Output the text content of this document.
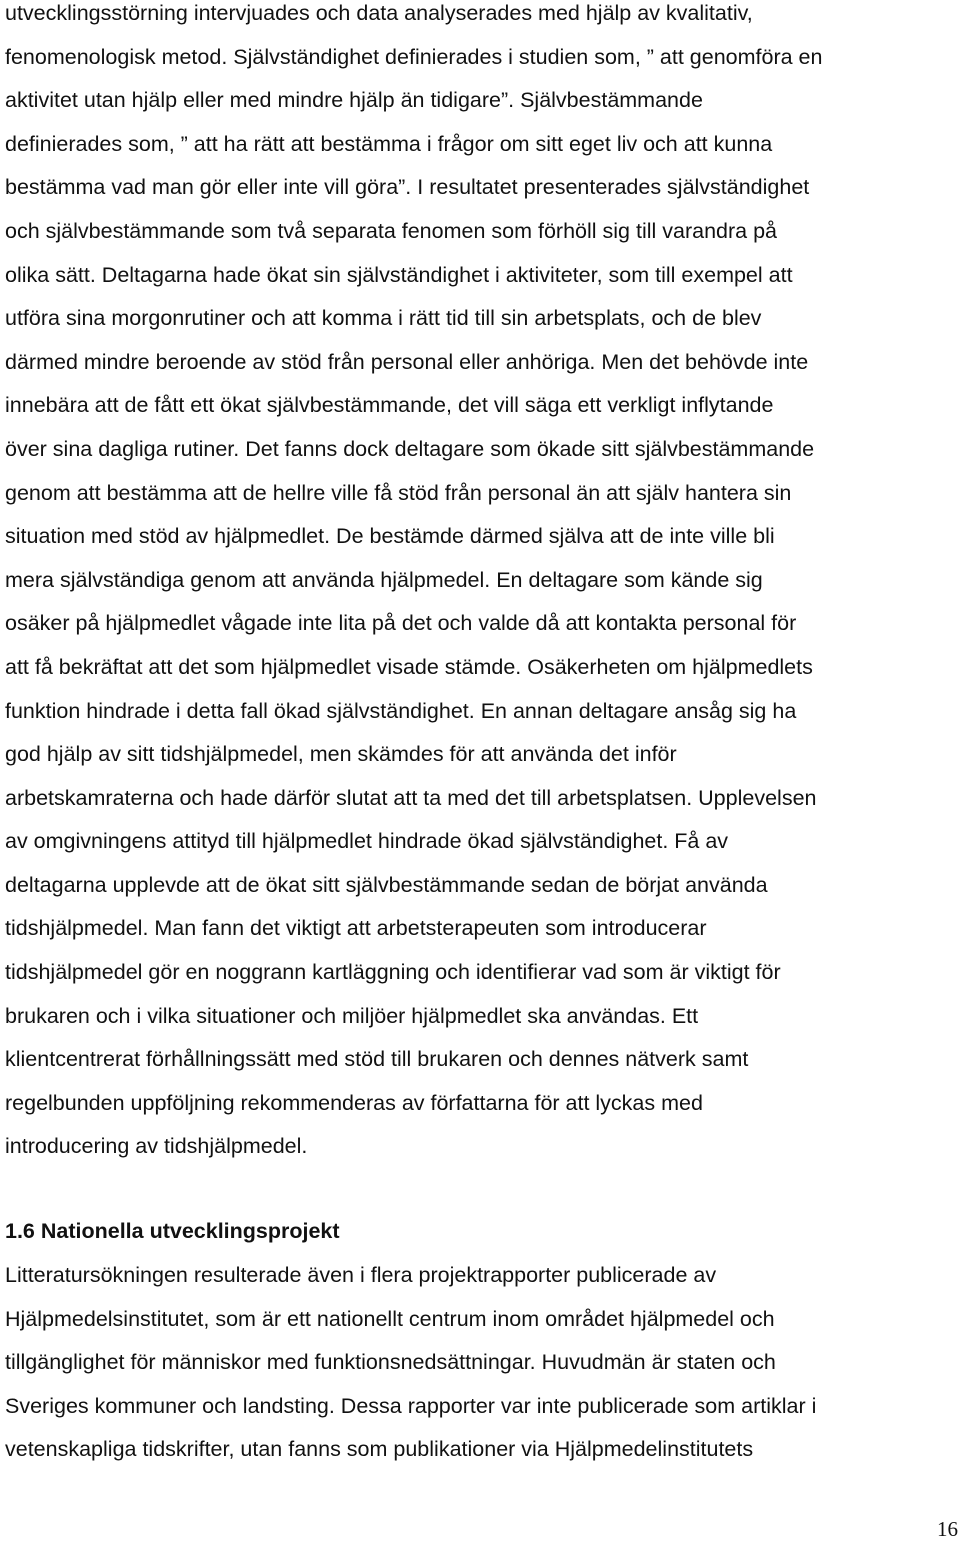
utvecklingsstörning intervjuades och data analyserades med hjälp av kvalitativ,
fenomenologisk metod. Självständighet definierades i studien som, ” att genomföra en
aktivitet utan hjälp eller med mindre hjälp än tidigare”. Självbestämmande
definierades som, ” att ha rätt att bestämma i frågor om sitt eget liv och att kunna
bestämma vad man gör eller inte vill göra”. I resultatet presenterades självständighet
och självbestämmande som två separata fenomen som förhöll sig till varandra på
olika sätt. Deltagarna hade ökat sin självständighet i aktiviteter, som till exempel att
utföra sina morgonrutiner och att komma i rätt tid till sin arbetsplats, och de blev
därmed mindre beroende av stöd från personal eller anhöriga. Men det behövde inte
innebära att de fått ett ökat självbestämmande, det vill säga ett verkligt inflytande
över sina dagliga rutiner. Det fanns dock deltagare som ökade sitt självbestämmande
genom att bestämma att de hellre ville få stöd från personal än att själv hantera sin
situation med stöd av hjälpmedlet. De bestämde därmed själva att de inte ville bli
mera självständiga genom att använda hjälpmedel. En deltagare som kände sig
osäker på hjälpmedlet vågade inte lita på det och valde då att kontakta personal för
att få bekräftat att det som hjälpmedlet visade stämde. Osäkerheten om hjälpmedlets
funktion hindrade i detta fall ökad självständighet. En annan deltagare ansåg sig ha
god hjälp av sitt tidshjälpmedel, men skämdes för att använda det inför
arbetskamraterna och hade därför slutat att ta med det till arbetsplatsen. Upplevelsen
av omgivningens attityd till hjälpmedlet hindrade ökad självständighet. Få av
deltagarna upplevde att de ökat sitt självbestämmande sedan de börjat använda
tidshjälpmedel. Man fann det viktigt att arbetsterapeuten som introducerar
tidshjälpmedel gör en noggrann kartläggning och identifierar vad som är viktigt för
brukaren och i vilka situationer och miljöer hjälpmedlet ska användas. Ett
klientcentrerat förhållningssätt med stöd till brukaren och dennes nätverk samt
regelbunden uppföljning rekommenderas av författarna för att lyckas med
introducering av tidshjälpmedel.
1.6 Nationella utvecklingsprojekt
Litteratursökningen resulterade även i flera projektrapporter publicerade av
Hjälpmedelsinstitutet, som är ett nationellt centrum inom området hjälpmedel och
tillgänglighet för människor med funktionsnedsättningar. Huvudmän är staten och
Sveriges kommuner och landsting. Dessa rapporter var inte publicerade som artiklar i
vetenskapliga tidskrifter, utan fanns som publikationer via Hjälpmedelinstitutets
16
